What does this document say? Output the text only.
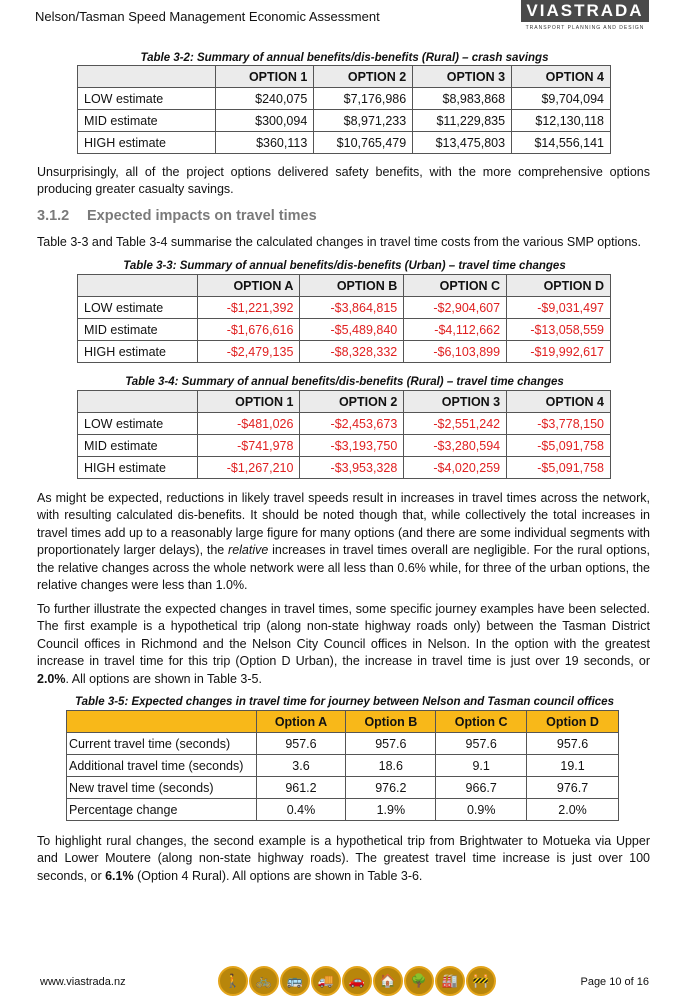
Nelson/Tasman Speed Management Economic Assessment	VIASTRADA
TRANSPORT PLANNING AND DESIGN
Table 3-2: Summary of annual benefits/dis-benefits (Rural) – crash savings
	OPTION 1	OPTION 2	OPTION 3	OPTION 4
LOW estimate	$240,075	$7,176,986	$8,983,868	$9,704,094
MID estimate	$300,094	$8,971,233	$11,229,835	$12,130,118
HIGH estimate	$360,113	$10,765,479	$13,475,803	$14,556,141
Unsurprisingly, all of the project options delivered safety benefits, with the more comprehensive options producing greater casualty savings.
3.1.2 Expected impacts on travel times
Table 3-3 and Table 3-4 summarise the calculated changes in travel time costs from the various SMP options.
Table 3-3: Summary of annual benefits/dis-benefits (Urban) – travel time changes
	OPTION A	OPTION B	OPTION C	OPTION D
LOW estimate	-$1,221,392	-$3,864,815	-$2,904,607	-$9,031,497
MID estimate	-$1,676,616	-$5,489,840	-$4,112,662	-$13,058,559
HIGH estimate	-$2,479,135	-$8,328,332	-$6,103,899	-$19,992,617
Table 3-4: Summary of annual benefits/dis-benefits (Rural) – travel time changes
	OPTION 1	OPTION 2	OPTION 3	OPTION 4
LOW estimate	-$481,026	-$2,453,673	-$2,551,242	-$3,778,150
MID estimate	-$741,978	-$3,193,750	-$3,280,594	-$5,091,758
HIGH estimate	-$1,267,210	-$3,953,328	-$4,020,259	-$5,091,758
As might be expected, reductions in likely travel speeds result in increases in travel times across the network, with resulting calculated dis-benefits. It should be noted though that, while collectively the total increases in travel times add up to a reasonably large figure for many options (and there are some individual segments with proportionately larger delays), the relative increases in travel times overall are negligible. For the rural options, the relative changes across the whole network were all less than 0.6% while, for three of the urban options, the relative changes were less than 1.0%.
To further illustrate the expected changes in travel times, some specific journey examples have been selected. The first example is a hypothetical trip (along non-state highway roads only) between the Tasman District Council offices in Richmond and the Nelson City Council offices in Nelson. In the option with the greatest increase in travel time for this trip (Option D Urban), the increase in travel time is just over 19 seconds, or 2.0%. All options are shown in Table 3-5.
Table 3-5: Expected changes in travel time for journey between Nelson and Tasman council offices
	Option A	Option B	Option C	Option D
Current travel time (seconds)	957.6	957.6	957.6	957.6
Additional travel time (seconds)	3.6	18.6	9.1	19.1
New travel time (seconds)	961.2	976.2	966.7	976.7
Percentage change	0.4%	1.9%	0.9%	2.0%
To highlight rural changes, the second example is a hypothetical trip from Brightwater to Motueka via Upper and Lower Moutere (along non-state highway roads). The greatest travel time increase is just over 100 seconds, or 6.1% (Option 4 Rural). All options are shown in Table 3-6.
www.viastrada.nz	🚶	🚲	🚌	🚚	🚗	🏠	🌳	🏭	🚧	Page 10 of 16
